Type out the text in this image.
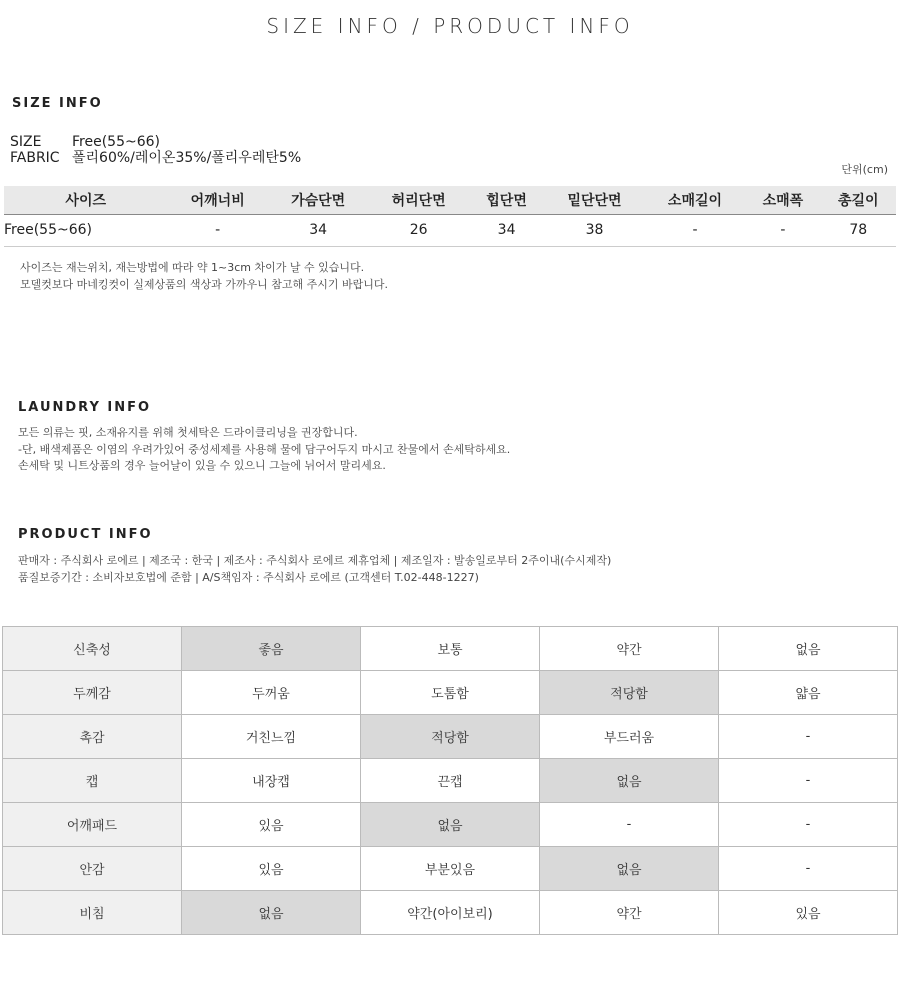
SIZE INFO / PRODUCT INFO
SIZE INFO
SIZE	Free(55~66)
FABRIC 폴리60%/레이온35%/폴리우레탄5%
단위(cm)
사이즈	어깨너비	가슴단면	허리단면	힙단면	밑단단면	소매길이	소매폭	총길이
Free(55~66)	-	34	26	34	38	-	-	78
사이즈는 재는위치, 재는방법에 따라 약 1~3cm 차이가 날 수 있습니다.
모델컷보다 마네킹컷이 실제상품의 색상과 가까우니 참고해 주시기 바랍니다.
LAUNDRY INFO
모든 의류는 핏, 소재유지를 위해 첫세탁은 드라이클리닝을 권장합니다.
-단, 배색제품은 이염의 우려가있어 중성세제를 사용해 물에 담구어두지 마시고 찬물에서 손세탁하세요.
손세탁 및 니트상품의 경우 늘어날이 있을 수 있으니 그늘에 뉘어서 말리세요.
PRODUCT INFO
판매자 : 주식회사 로에르 | 제조국 : 한국 | 제조사 : 주식회사 로에르 제휴업체 | 제조일자 : 발송일로부터 2주이내(수시제작)
품질보증기간 : 소비자보호법에 준함 | A/S책임자 : 주식회사 로에르 (고객센터 T.02-448-1227)
신축성	좋음	보통	약간	없음
두께감	두꺼움	도톰함	적당함	얇음
촉감	거친느낌	적당함	부드러움	-
캡	내장캡	끈캡	없음	-
어깨패드	있음	없음	-	-
안감	있음	부분있음	없음	-
비침	없음	약간(아이보리)	약간	있음
